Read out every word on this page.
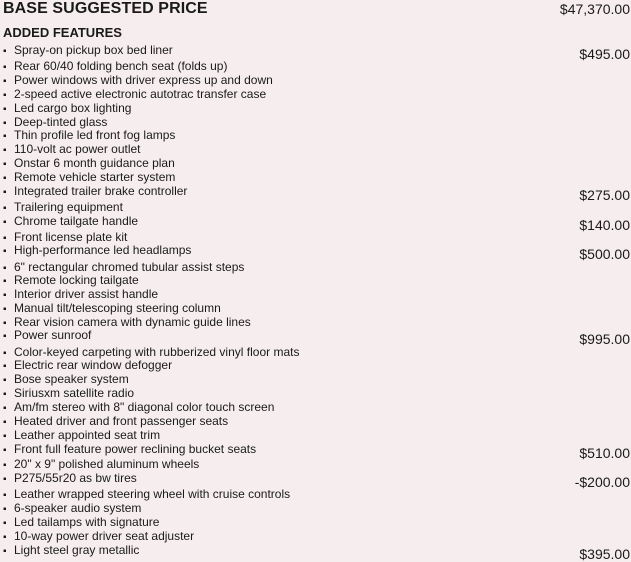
BASE SUGGESTED PRICE	$47,370.00
ADDED FEATURES
▪ Spray-on pickup box bed liner	$495.00
▪ Rear 60/40 folding bench seat (folds up)
▪ Power windows with driver express up and down
▪ 2-speed active electronic autotrac transfer case
▪ Led cargo box lighting
▪ Deep-tinted glass
▪ Thin profile led front fog lamps
▪ 110-volt ac power outlet
▪ Onstar 6 month guidance plan
▪ Remote vehicle starter system
▪ Integrated trailer brake controller	$275.00
▪ Trailering equipment
▪ Chrome tailgate handle	$140.00
▪ Front license plate kit
▪ High-performance led headlamps	$500.00
▪ 6" rectangular chromed tubular assist steps
▪ Remote locking tailgate
▪ Interior driver assist handle
▪ Manual tilt/telescoping steering column
▪ Rear vision camera with dynamic guide lines
▪ Power sunroof	$995.00
▪ Color-keyed carpeting with rubberized vinyl floor mats
▪ Electric rear window defogger
▪ Bose speaker system
▪ Siriusxm satellite radio
▪ Am/fm stereo with 8" diagonal color touch screen
▪ Heated driver and front passenger seats
▪ Leather appointed seat trim
▪ Front full feature power reclining bucket seats	$510.00
▪ 20" x 9" polished aluminum wheels
▪ P275/55r20 as bw tires	-$200.00
▪ Leather wrapped steering wheel with cruise controls
▪ 6-speaker audio system
▪ Led tailamps with signature
▪ 10-way power driver seat adjuster
▪ Light steel gray metallic	$395.00
